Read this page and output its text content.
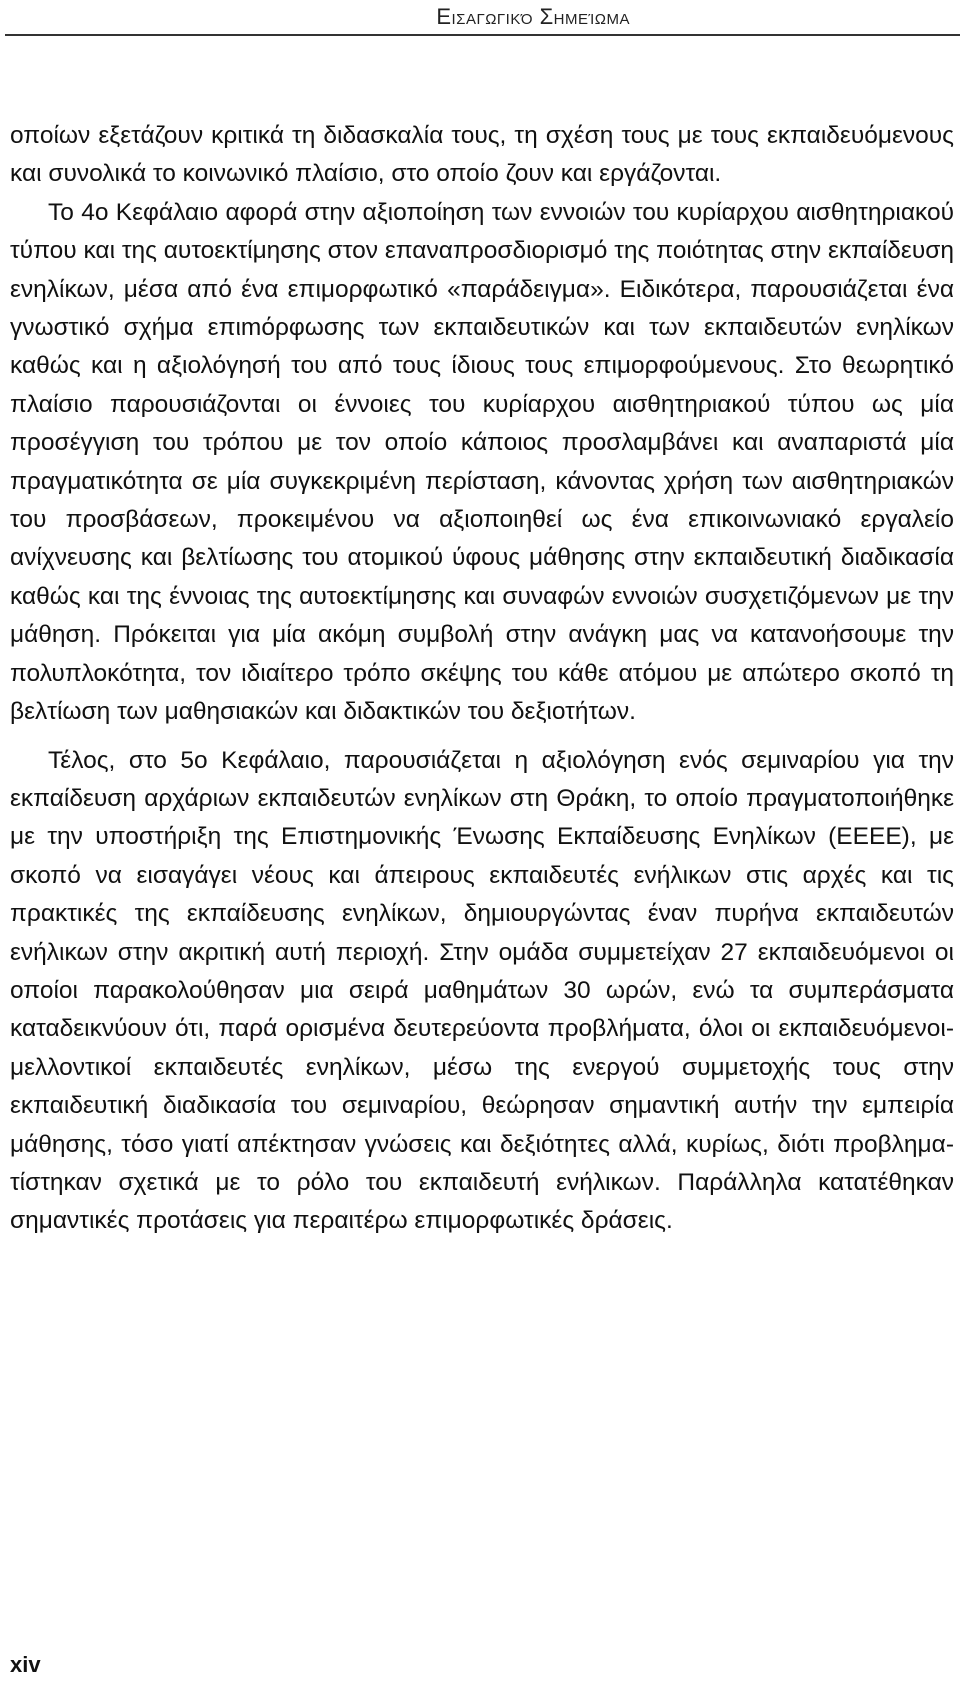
Εισαγωγικό Σημείωμα

οποίων εξετάζουν κριτικά τη διδασκαλία τους, τη σχέση τους με τους εκπαιδευόμενους και συνολικά το κοινωνικό πλαίσιο, στο οποίο ζουν και εργάζονται.

Το 4ο Κεφάλαιο αφορά στην αξιοποίηση των εννοιών του κυρίαρχου αισθητηριακού τύπου και της αυτοεκτίμησης στον επαναπροσδιορισμό της ποιότητας στην εκπαίδευση ενηλίκων, μέσα από ένα επιμορφωτικό «παράδειγμα». Ειδικότερα, παρουσιάζεται ένα γνωστικό σχήμα επιmόρφωσης των εκπαιδευτικών και των εκπαιδευτών ενηλίκων καθώς και η αξιολόγησή του από τους ίδιους τους επιμορφούμενους. Στο θεωρητικό πλαίσιο παρουσιάζονται οι έννοιες του κυρίαρχου αισθητηριακού τύπου ως μία προσέγγιση του τρόπου με τον οποίο κάποιος προσλαμβάνει και αναπαριστά μία πραγματικότητα σε μία συγκεκριμένη περίσταση, κάνοντας χρήση των αισθητηριακών του προσβάσεων, προκειμένου να αξιοποιηθεί ως ένα επικοινωνιακό εργαλείο ανίχνευσης και βελτίωσης του ατομικού ύφους μάθησης στην εκπαιδευτική διαδικασία καθώς και της έννοιας της αυτοεκτίμησης και συναφών εννοιών συσχετιζόμενων με την μάθηση. Πρόκειται για μία ακόμη συμβολή στην ανάγκη μας να κατανοήσουμε την πολυπλοκότητα, τον ιδιαίτερο τρόπο σκέψης του κάθε ατόμου με απώτερο σκοπό τη βελτίωση των μαθησιακών και διδακτικών του δεξιοτήτων.

Τέλος, στο 5ο Κεφάλαιο, παρουσιάζεται η αξιολόγηση ενός σεμιναρίου για την εκπαίδευση αρχάριων εκπαιδευτών ενηλίκων στη Θράκη, το οποίο πραγματοποιήθηκε με την υποστήριξη της Επιστημονικής Ένωσης Εκπαίδευσης Ενηλίκων (ΕΕΕΕ), με σκοπό να εισαγάγει νέους και άπειρους εκπαιδευτές ενήλικων στις αρχές και τις πρακτικές της εκπαίδευσης ενηλίκων, δημιουργώντας έναν πυρήνα εκπαιδευτών ενήλικων στην ακριτική αυτή περιοχή. Στην ομάδα συμμετείχαν 27 εκπαιδευόμενοι οι οποίοι παρακολούθησαν μια σειρά μαθημάτων 30 ωρών, ενώ τα συμπεράσματα καταδεικνύουν ότι, παρά ορισμένα δευτερεύοντα προβλήματα, όλοι οι εκπαιδευόμενοι-μελλοντικοί εκπαιδευτές ενηλίκων, μέσω της ενεργού συμμετοχής τους στην εκπαιδευτική διαδικασία του σεμιναρίου, θεώρησαν σημαντική αυτήν την εμπειρία μάθησης, τόσο γιατί απέκτησαν γνώσεις και δεξιότητες αλλά, κυρίως, διότι προβληματίστηκαν σχετικά με το ρόλο του εκπαιδευτή ενήλικων. Παράλληλα κατατέθηκαν σημαντικές προτάσεις για περαιτέρω επιμορφωτικές δράσεις.

xiv
